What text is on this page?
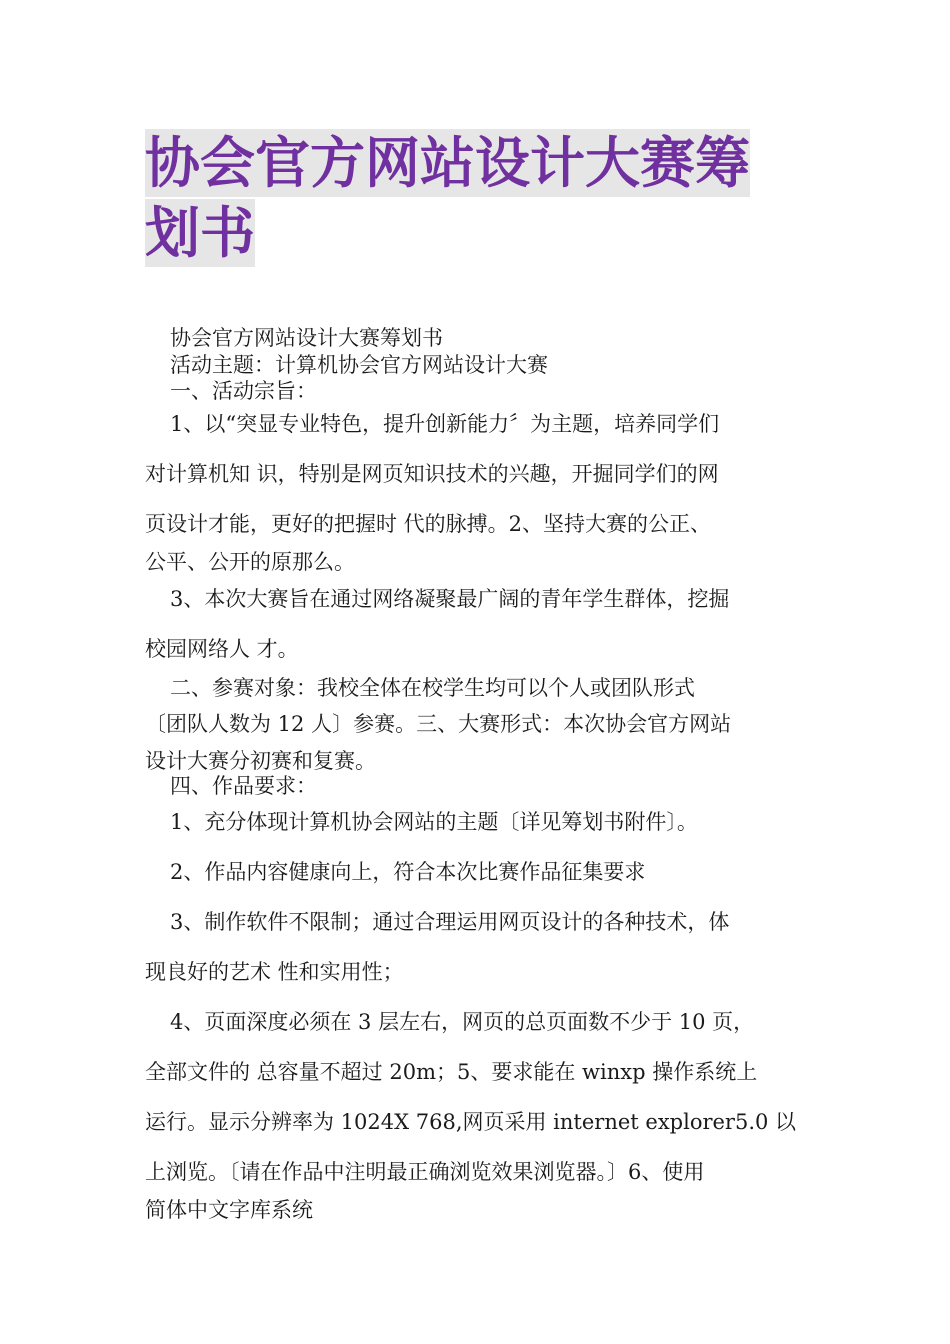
协会官方网站设计大赛筹
划书
协会官方网站设计大赛筹划书
活动主题：计算机协会官方网站设计大赛
一、活动宗旨：
1、以“突显专业特色，提升创新能力〞为主题，培养同学们
对计算机知 识，特别是网页知识技术的兴趣，开掘同学们的网
页设计才能，更好的把握时 代的脉搏。2、坚持大赛的公正、
公平、公开的原那么。
3、本次大赛旨在通过网络凝聚最广阔的青年学生群体，挖掘
校园网络人 才。
二、参赛对象：我校全体在校学生均可以个人或团队形式
〔团队人数为 12 人〕参赛。三、大赛形式：本次协会官方网站
设计大赛分初赛和复赛。
四、作品要求：
1、充分体现计算机协会网站的主题〔详见筹划书附件〕。
2、作品内容健康向上，符合本次比赛作品征集要求
3、制作软件不限制；通过合理运用网页设计的各种技术，体
现良好的艺术 性和实用性；
4、页面深度必须在 3 层左右，网页的总页面数不少于 10 页，
全部文件的 总容量不超过 20m；5、要求能在 winxp 操作系统上
运行。显示分辨率为 1024X 768,网页采用 internet explorer5.0 以
上浏览。〔请在作品中注明最正确浏览效果浏览器。〕6、使用
简体中文字库系统
